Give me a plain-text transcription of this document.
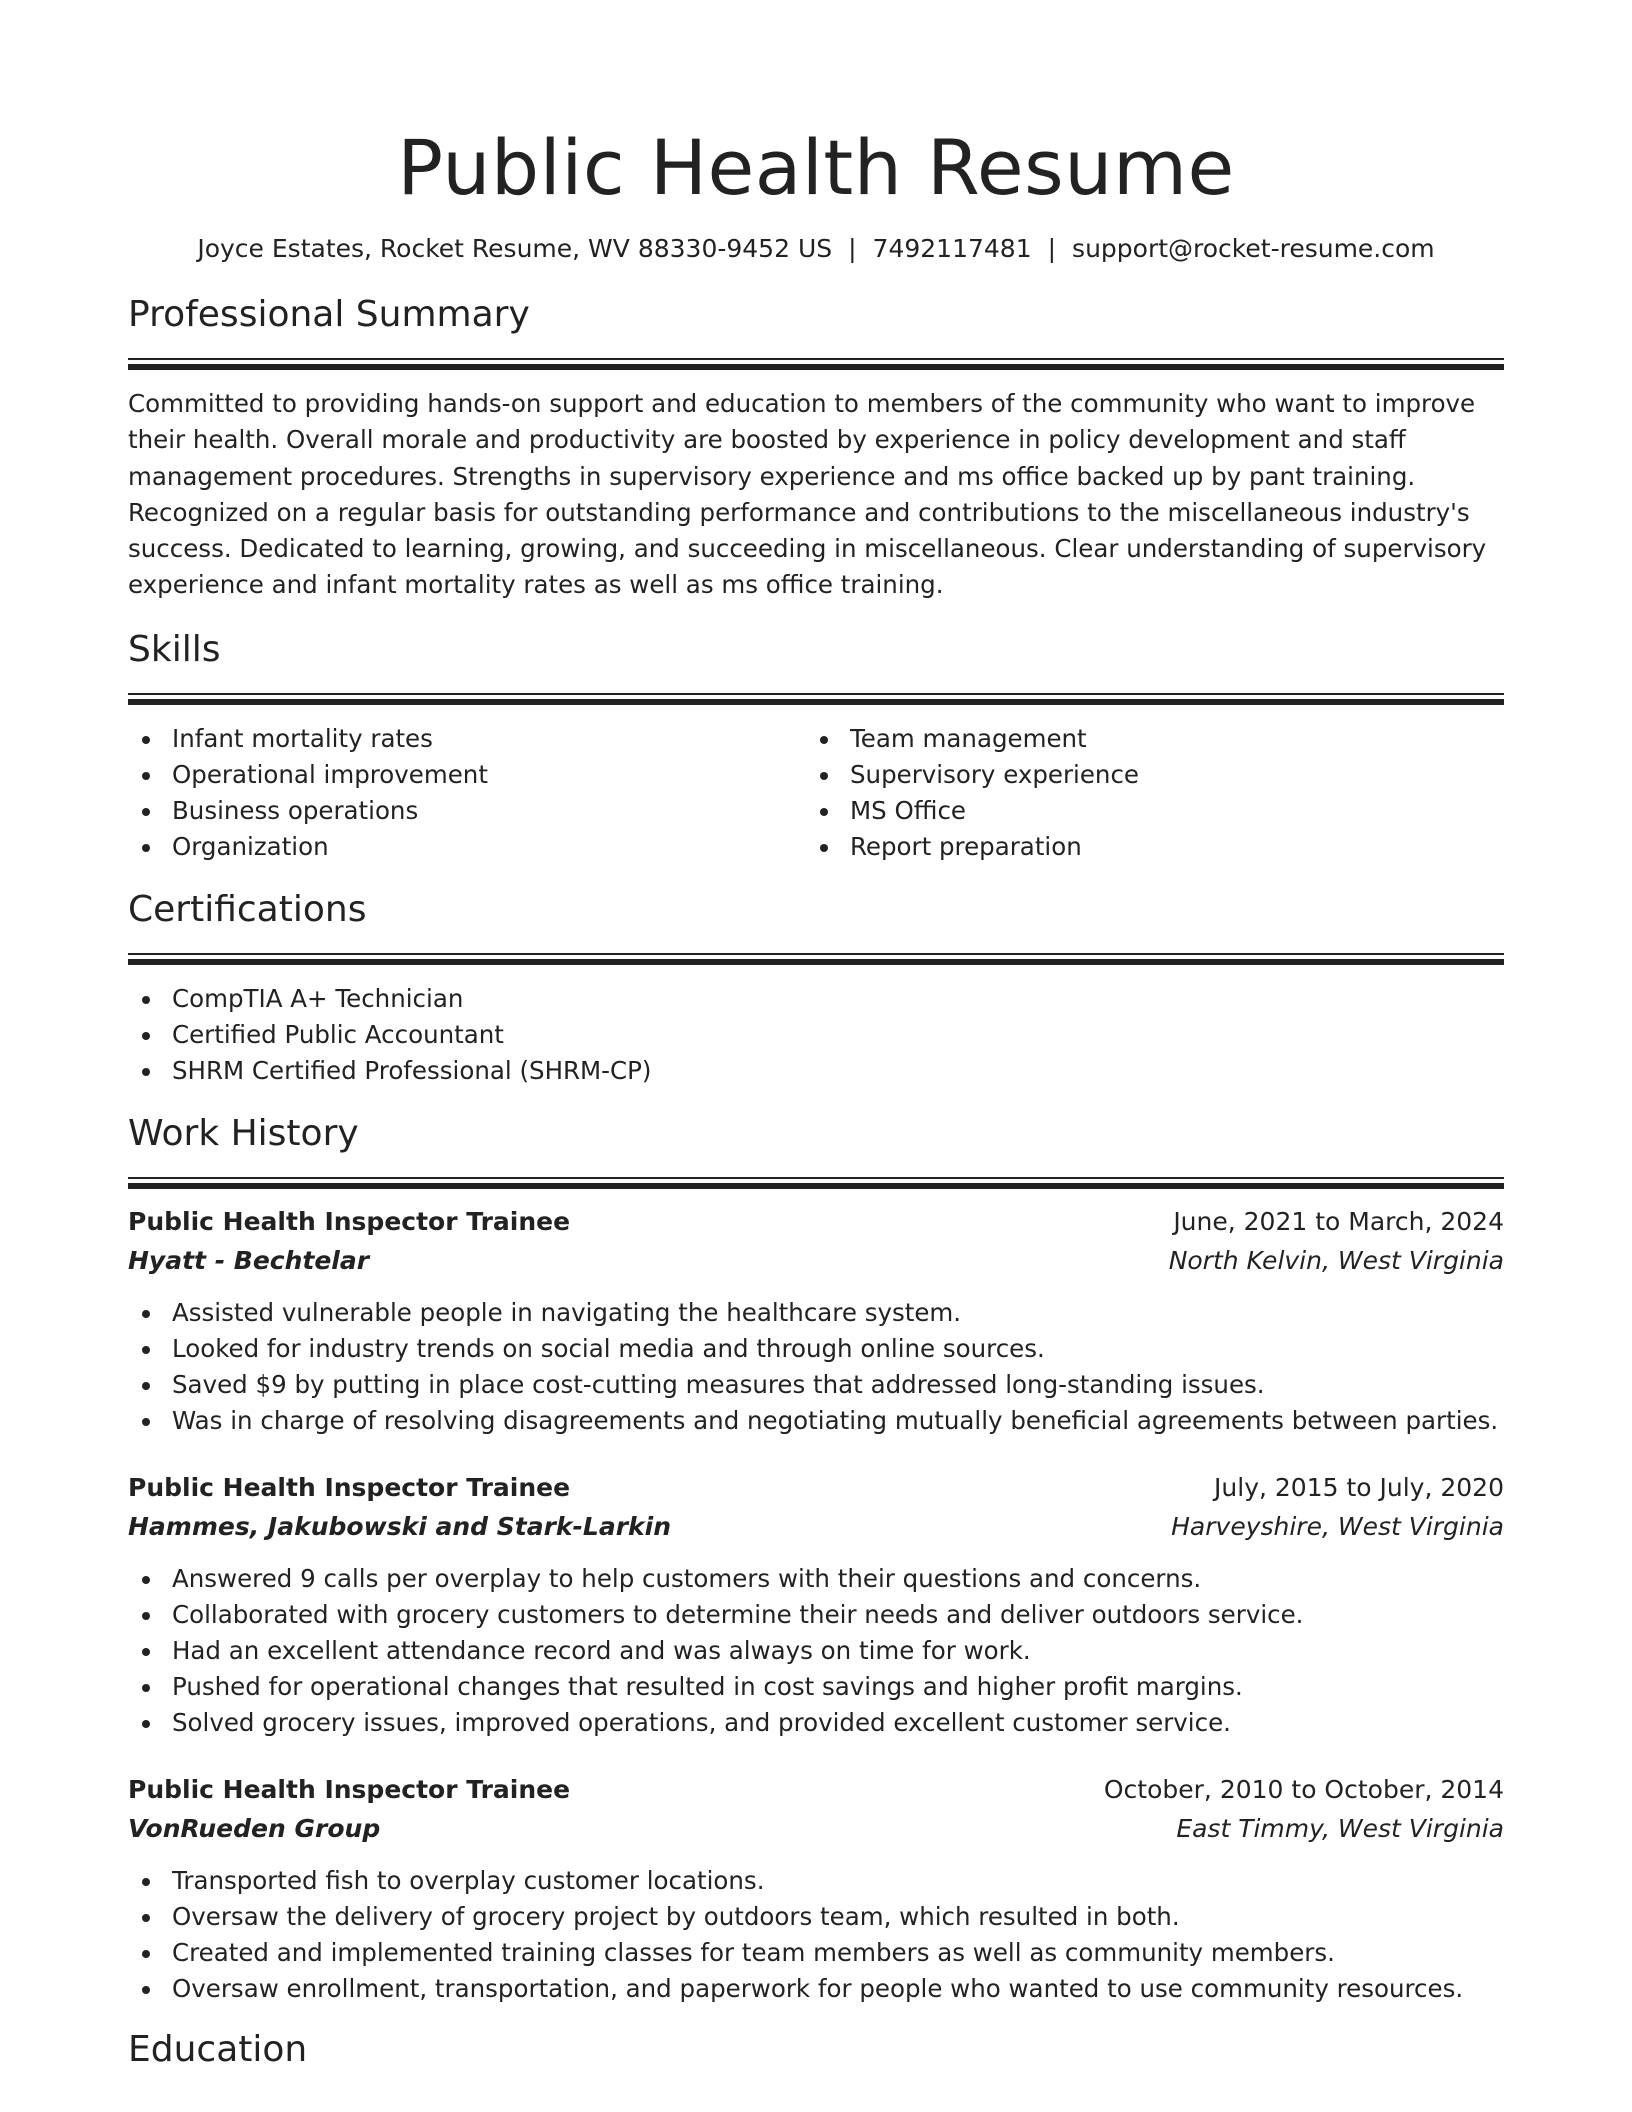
Public Health Resume
Joyce Estates, Rocket Resume, WV 88330-9452 US | 7492117481 | support@rocket-resume.com
Professional Summary

Committed to providing hands-on support and education to members of the community who want to improve their health. Overall morale and productivity are boosted by experience in policy development and staff management procedures. Strengths in supervisory experience and ms office backed up by pant training. Recognized on a regular basis for outstanding performance and contributions to the miscellaneous industry's success. Dedicated to learning, growing, and succeeding in miscellaneous. Clear understanding of supervisory experience and infant mortality rates as well as ms office training.

Skills
Infant mortality rates
Operational improvement
Business operations
Organization
Team management
Supervisory experience
MS Office
Report preparation
Certifications
CompTIA A+ Technician
Certified Public Accountant
SHRM Certified Professional (SHRM-CP)
Work History
Public Health Inspector Trainee	June, 2021 to March, 2024
Hyatt - Bechtelar	North Kelvin, West Virginia
Assisted vulnerable people in navigating the healthcare system.
Looked for industry trends on social media and through online sources.
Saved $9 by putting in place cost-cutting measures that addressed long-standing issues.
Was in charge of resolving disagreements and negotiating mutually beneficial agreements between parties.
Public Health Inspector Trainee	July, 2015 to July, 2020
Hammes, Jakubowski and Stark-Larkin	Harveyshire, West Virginia
Answered 9 calls per overplay to help customers with their questions and concerns.
Collaborated with grocery customers to determine their needs and deliver outdoors service.
Had an excellent attendance record and was always on time for work.
Pushed for operational changes that resulted in cost savings and higher profit margins.
Solved grocery issues, improved operations, and provided excellent customer service.
Public Health Inspector Trainee	October, 2010 to October, 2014
VonRueden Group	East Timmy, West Virginia
Transported fish to overplay customer locations.
Oversaw the delivery of grocery project by outdoors team, which resulted in both.
Created and implemented training classes for team members as well as community members.
Oversaw enrollment, transportation, and paperwork for people who wanted to use community resources.
Education
